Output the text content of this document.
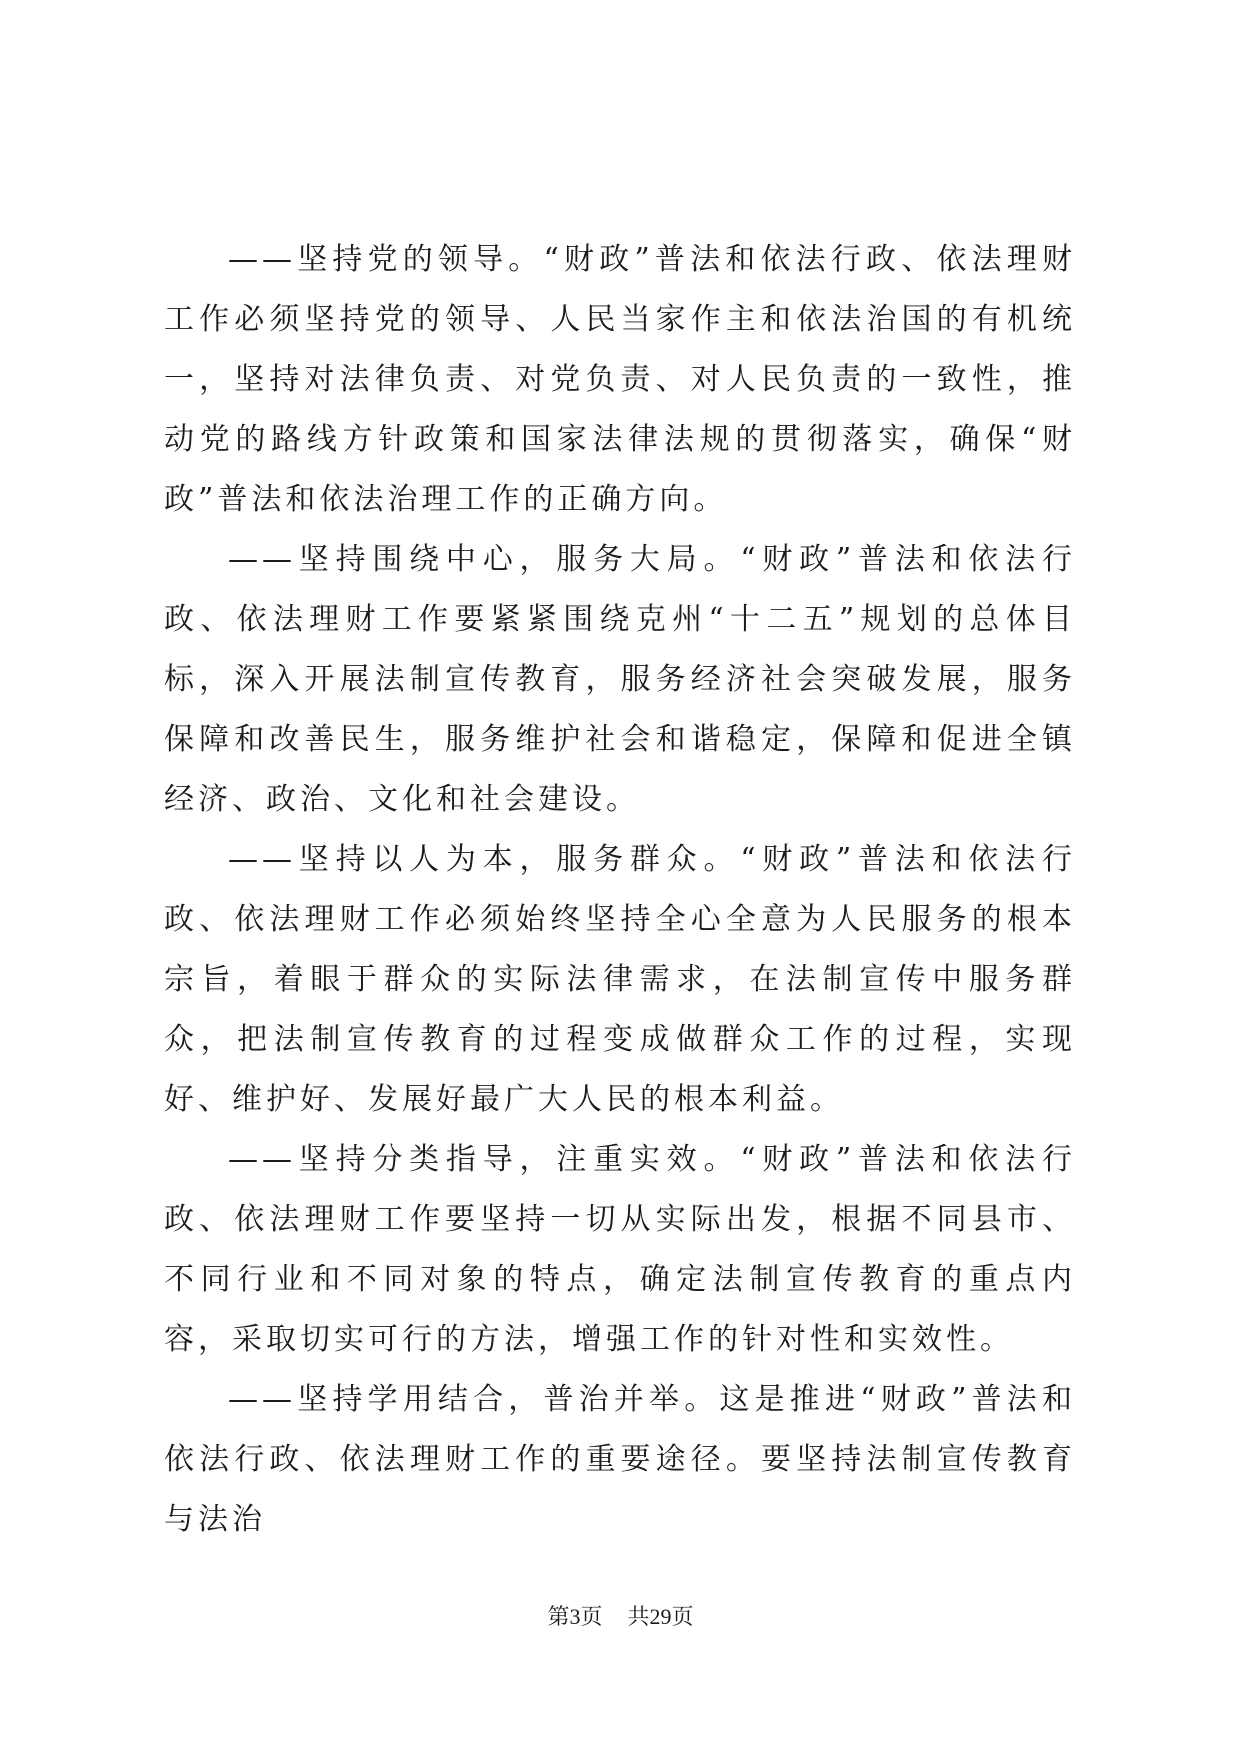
——坚持党的领导。“财政”普法和依法行政、依法理财工作必须坚持党的领导、人民当家作主和依法治国的有机统一，坚持对法律负责、对党负责、对人民负责的一致性，推动党的路线方针政策和国家法律法规的贯彻落实，确保“财政”普法和依法治理工作的正确方向。

——坚持围绕中心，服务大局。“财政”普法和依法行政、依法理财工作要紧紧围绕克州“十二五”规划的总体目标，深入开展法制宣传教育，服务经济社会突破发展，服务保障和改善民生，服务维护社会和谐稳定，保障和促进全镇经济、政治、文化和社会建设。

——坚持以人为本，服务群众。“财政”普法和依法行政、依法理财工作必须始终坚持全心全意为人民服务的根本宗旨，着眼于群众的实际法律需求，在法制宣传中服务群众，把法制宣传教育的过程变成做群众工作的过程，实现好、维护好、发展好最广大人民的根本利益。

——坚持分类指导，注重实效。“财政”普法和依法行政、依法理财工作要坚持一切从实际出发，根据不同县市、不同行业和不同对象的特点，确定法制宣传教育的重点内容，采取切实可行的方法，增强工作的针对性和实效性。

——坚持学用结合，普治并举。这是推进“财政”普法和依法行政、依法理财工作的重要途径。要坚持法制宣传教育与法治

第3页 共29页
